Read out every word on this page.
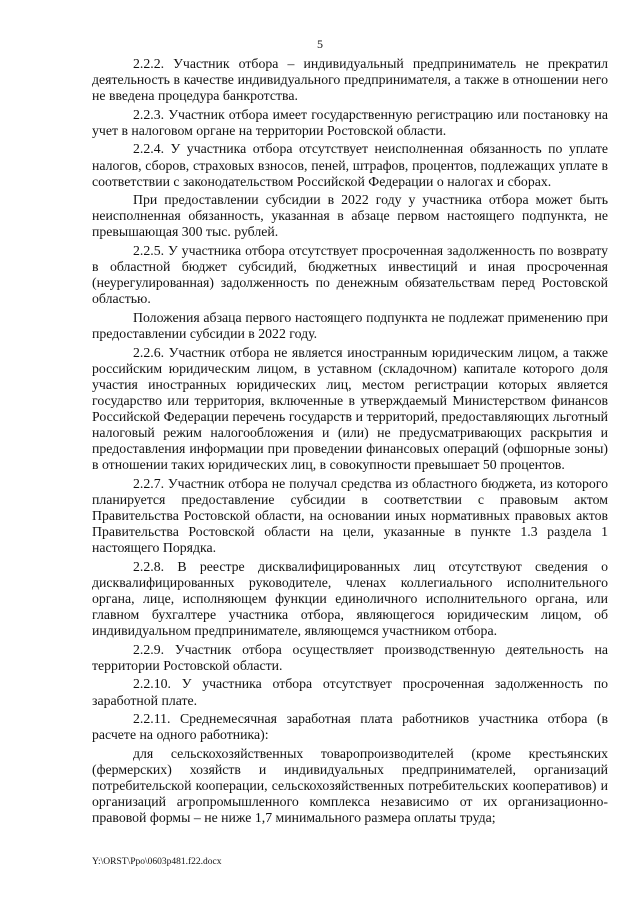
5

2.2.2. Участник отбора – индивидуальный предприниматель не прекратил деятельность в качестве индивидуального предпринимателя, а также в отношении него не введена процедура банкротства.

2.2.3. Участник отбора имеет государственную регистрацию или постановку на учет в налоговом органе на территории Ростовской области.

2.2.4. У участника отбора отсутствует неисполненная обязанность по уплате налогов, сборов, страховых взносов, пеней, штрафов, процентов, подлежащих уплате в соответствии с законодательством Российской Федерации о налогах и сборах.

При предоставлении субсидии в 2022 году у участника отбора может быть неисполненная обязанность, указанная в абзаце первом настоящего подпункта, не превышающая 300 тыс. рублей.

2.2.5. У участника отбора отсутствует просроченная задолженность по возврату в областной бюджет субсидий, бюджетных инвестиций и иная просроченная (неурегулированная) задолженность по денежным обязательствам перед Ростовской областью.

Положения абзаца первого настоящего подпункта не подлежат применению при предоставлении субсидии в 2022 году.

2.2.6. Участник отбора не является иностранным юридическим лицом, а также российским юридическим лицом, в уставном (складочном) капитале которого доля участия иностранных юридических лиц, местом регистрации которых является государство или территория, включенные в утверждаемый Министерством финансов Российской Федерации перечень государств и территорий, предоставляющих льготный налоговый режим налогообложения и (или) не предусматривающих раскрытия и предоставления информации при проведении финансовых операций (офшорные зоны) в отношении таких юридических лиц, в совокупности превышает 50 процентов.

2.2.7. Участник отбора не получал средства из областного бюджета, из которого планируется предоставление субсидии в соответствии с правовым актом Правительства Ростовской области, на основании иных нормативных правовых актов Правительства Ростовской области на цели, указанные в пункте 1.3 раздела 1 настоящего Порядка.

2.2.8. В реестре дисквалифицированных лиц отсутствуют сведения о дисквалифицированных руководителе, членах коллегиального исполнительного органа, лице, исполняющем функции единоличного исполнительного органа, или главном бухгалтере участника отбора, являющегося юридическим лицом, об индивидуальном предпринимателе, являющемся участником отбора.

2.2.9. Участник отбора осуществляет производственную деятельность на территории Ростовской области.

2.2.10. У участника отбора отсутствует просроченная задолженность по заработной плате.

2.2.11. Среднемесячная заработная плата работников участника отбора (в расчете на одного работника):

для сельскохозяйственных товаропроизводителей (кроме крестьянских (фермерских) хозяйств и индивидуальных предпринимателей, организаций потребительской кооперации, сельскохозяйственных потребительских кооперативов) и организаций агропромышленного комплекса независимо от их организационно-правовой формы – не ниже 1,7 минимального размера оплаты труда;

Y:\ORST\Ppo\0603p481.f22.docx
